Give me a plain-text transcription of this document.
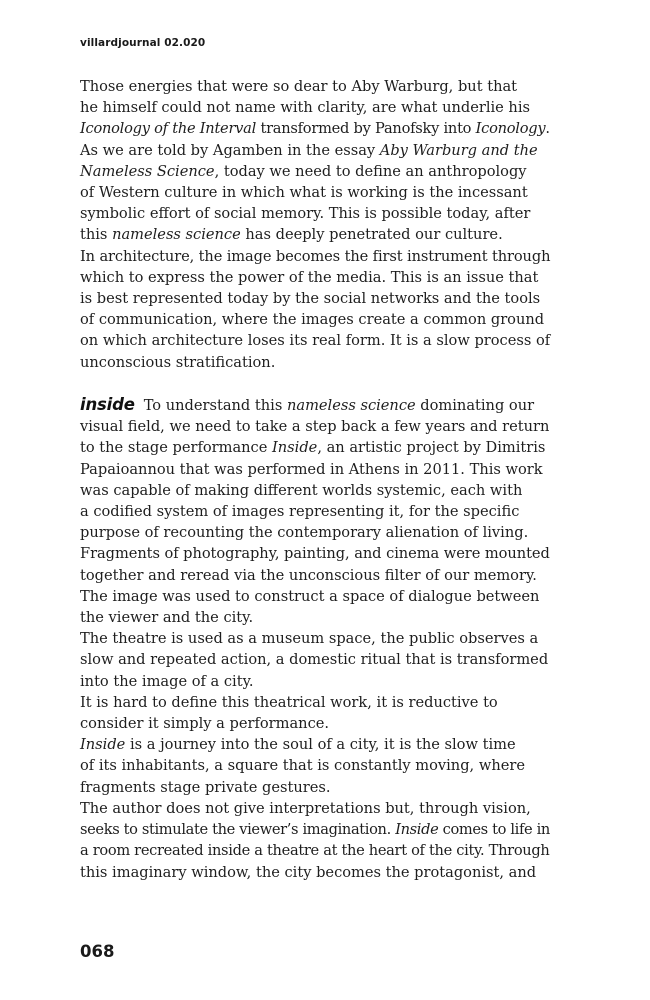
villardjournal 02.020
Those energies that were so dear to Aby Warburg, but that
he himself could not name with clarity, are what underlie his
Iconology of the Interval transformed by Panofsky into Iconology.
As we are told by Agamben in the essay Aby Warburg and the
Nameless Science, today we need to define an anthropology
of Western culture in which what is working is the incessant
symbolic effort of social memory. This is possible today, after
this nameless science has deeply penetrated our culture.
In architecture, the image becomes the first instrument through
which to express the power of the media. This is an issue that
is best represented today by the social networks and the tools
of communication, where the images create a common ground
on which architecture loses its real form. It is a slow process of
unconscious stratification.
inside To understand this nameless science dominating our
visual field, we need to take a step back a few years and return
to the stage performance Inside, an artistic project by Dimitris
Papaioannou that was performed in Athens in 2011. This work
was capable of making different worlds systemic, each with
a codified system of images representing it, for the specific
purpose of recounting the contemporary alienation of living.
Fragments of photography, painting, and cinema were mounted
together and reread via the unconscious filter of our memory.
The image was used to construct a space of dialogue between
the viewer and the city.
The theatre is used as a museum space, the public observes a
slow and repeated action, a domestic ritual that is transformed
into the image of a city.
It is hard to define this theatrical work, it is reductive to
consider it simply a performance.
Inside is a journey into the soul of a city, it is the slow time
of its inhabitants, a square that is constantly moving, where
fragments stage private gestures.
The author does not give interpretations but, through vision,
seeks to stimulate the viewer’s imagination. Inside comes to life in
a room recreated inside a theatre at the heart of the city. Through
this imaginary window, the city becomes the protagonist, and
068
